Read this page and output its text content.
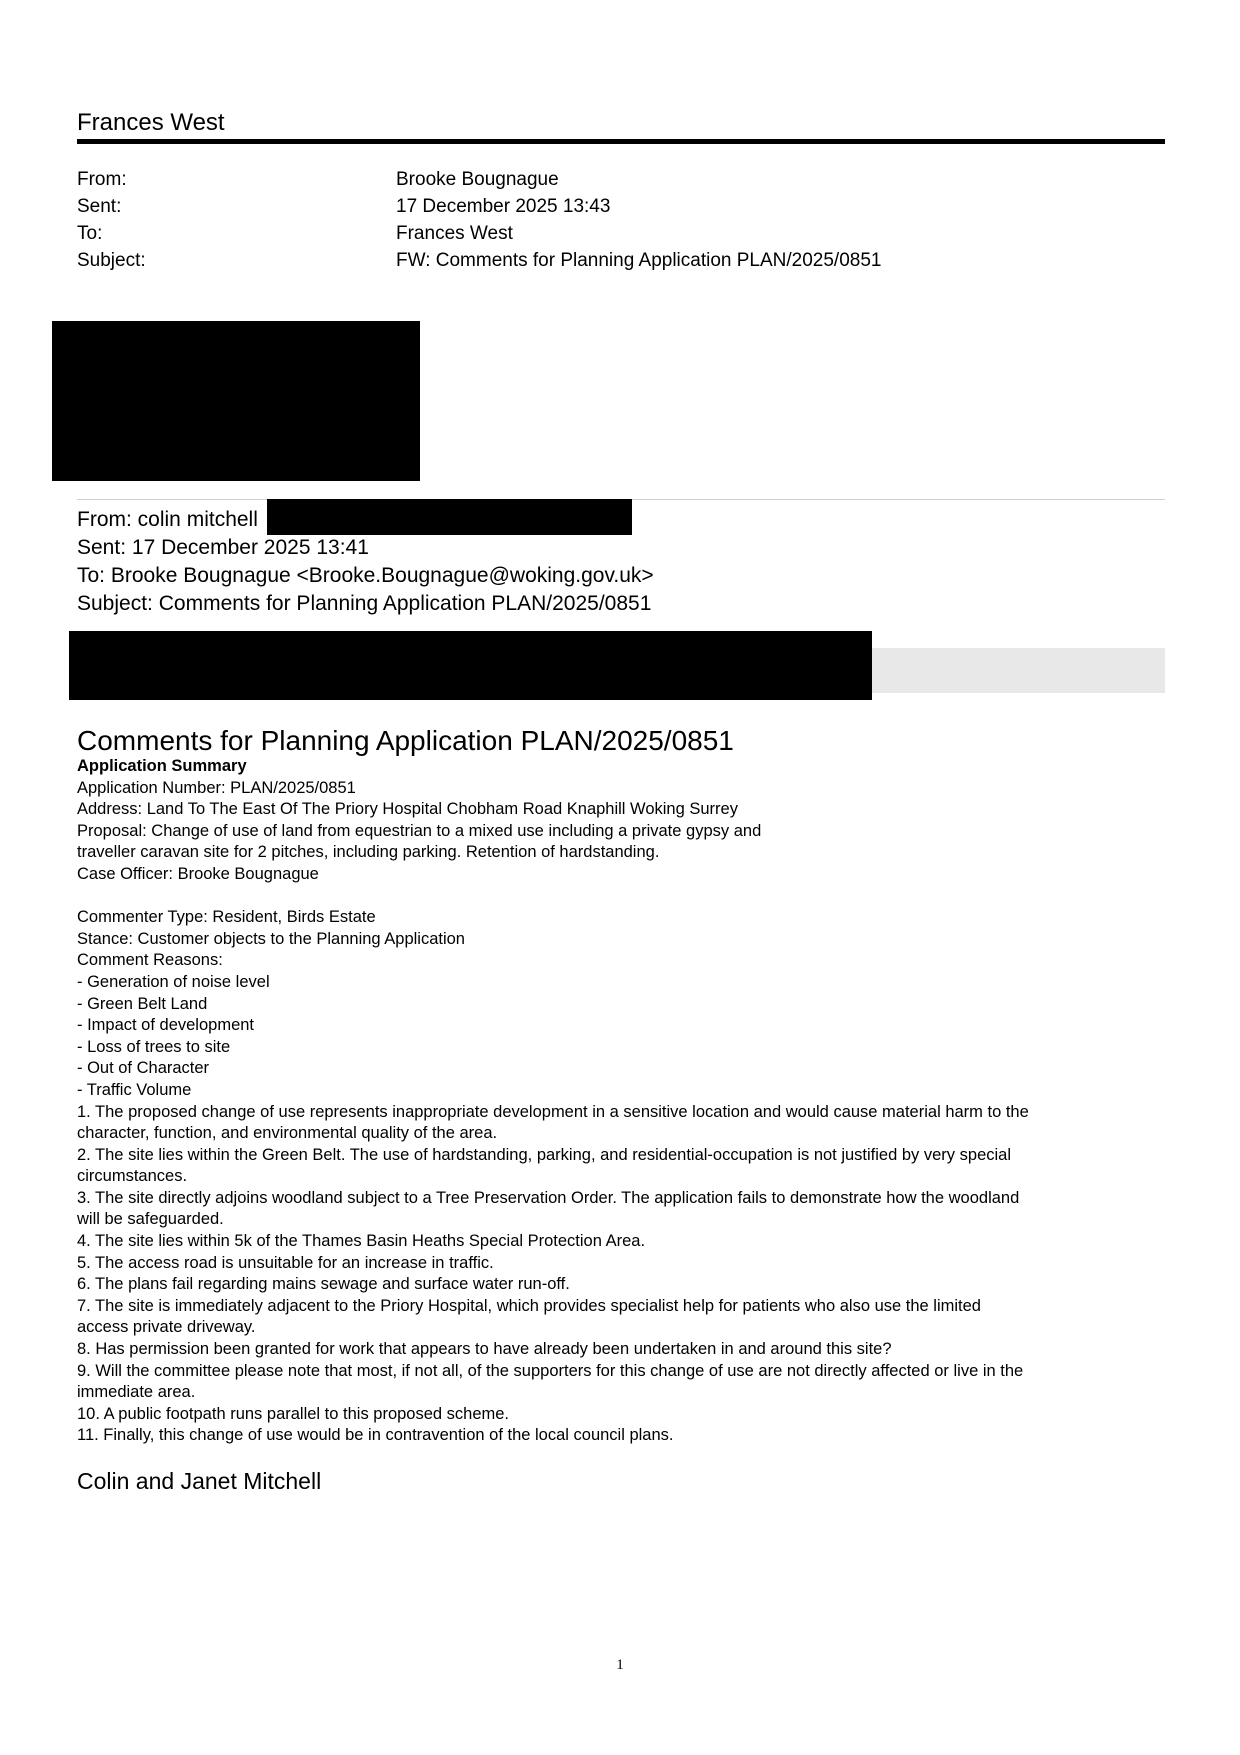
Frances West
From:	Brooke Bougnague
Sent:	17 December 2025 13:43
To:	Frances West
Subject:	FW: Comments for Planning Application PLAN/2025/0851
From: colin mitchell
Sent: 17 December 2025 13:41
To: Brooke Bougnague <Brooke.Bougnague@woking.gov.uk>
Subject: Comments for Planning Application PLAN/2025/0851
Comments for Planning Application PLAN/2025/0851
Application Summary
Application Number: PLAN/2025/0851
Address: Land To The East Of The Priory Hospital Chobham Road Knaphill Woking Surrey
Proposal: Change of use of land from equestrian to a mixed use including a private gypsy and
traveller caravan site for 2 pitches, including parking. Retention of hardstanding.
Case Officer: Brooke Bougnague
Commenter Type: Resident, Birds Estate
Stance: Customer objects to the Planning Application
Comment Reasons:
- Generation of noise level
- Green Belt Land
- Impact of development
- Loss of trees to site
- Out of Character
- Traffic Volume
1. The proposed change of use represents inappropriate development in a sensitive location and would cause material harm to the
character, function, and environmental quality of the area.
2. The site lies within the Green Belt. The use of hardstanding, parking, and residential-occupation is not justified by very special
circumstances.
3. The site directly adjoins woodland subject to a Tree Preservation Order. The application fails to demonstrate how the woodland
will be safeguarded.
4. The site lies within 5k of the Thames Basin Heaths Special Protection Area.
5. The access road is unsuitable for an increase in traffic.
6. The plans fail regarding mains sewage and surface water run-off.
7. The site is immediately adjacent to the Priory Hospital, which provides specialist help for patients who also use the limited
access private driveway.
8. Has permission been granted for work that appears to have already been undertaken in and around this site?
9. Will the committee please note that most, if not all, of the supporters for this change of use are not directly affected or live in the
immediate area.
10. A public footpath runs parallel to this proposed scheme.
11. Finally, this change of use would be in contravention of the local council plans.
Colin and Janet Mitchell
1
